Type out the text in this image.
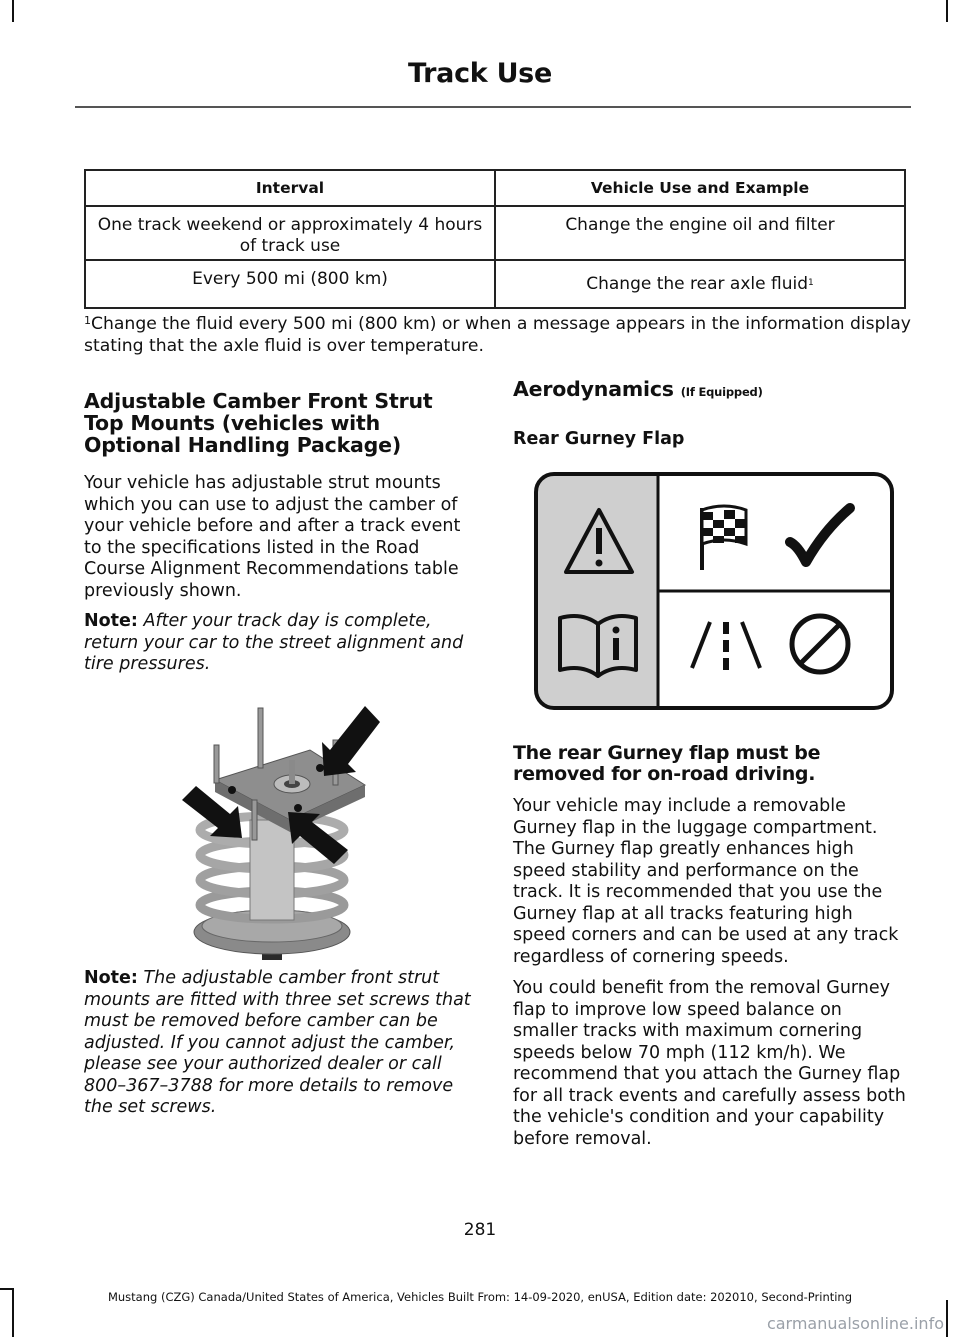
Track Use
Interval	Vehicle Use and Example
One track weekend or approximately 4 hours of track use	Change the engine oil and filter
Every 500 mi (800 km)	Change the rear axle fluid$^1$
$^1$Change the fluid every 500 mi (800 km) or when a message appears in the information display stating that the axle fluid is over temperature.
Adjustable Camber Front Strut Top Mounts (vehicles with Optional Handling Package)

Your vehicle has adjustable strut mounts which you can use to adjust the camber of your vehicle before and after a track event to the specifications listed in the Road Course Alignment Recommendations table previously shown.

Note: After your track day is complete, return your car to the street alignment and tire pressures.

Note: The adjustable camber front strut mounts are fitted with three set screws that must be removed before camber can be adjusted. If you cannot adjust the camber, please see your authorized dealer or call 800–367–3788 for more details to remove the set screws.
Aerodynamics (If Equipped)
Rear Gurney Flap

The rear Gurney flap must be removed for on-road driving.

Your vehicle may include a removable Gurney flap in the luggage compartment. The Gurney flap greatly enhances high speed stability and performance on the track. It is recommended that you use the Gurney flap at all tracks featuring high speed corners and can be used at any track regardless of cornering speeds.

You could benefit from the removal Gurney flap to improve low speed balance on smaller tracks with maximum cornering speeds below 70 mph (112 km/h). We recommend that you attach the Gurney flap for all track events and carefully assess both the vehicle's condition and your capability before removal.

281
Mustang (CZG) Canada/United States of America, Vehicles Built From: 14-09-2020, enUSA, Edition date: 202010, Second-Printing
carmanualsonline.info
